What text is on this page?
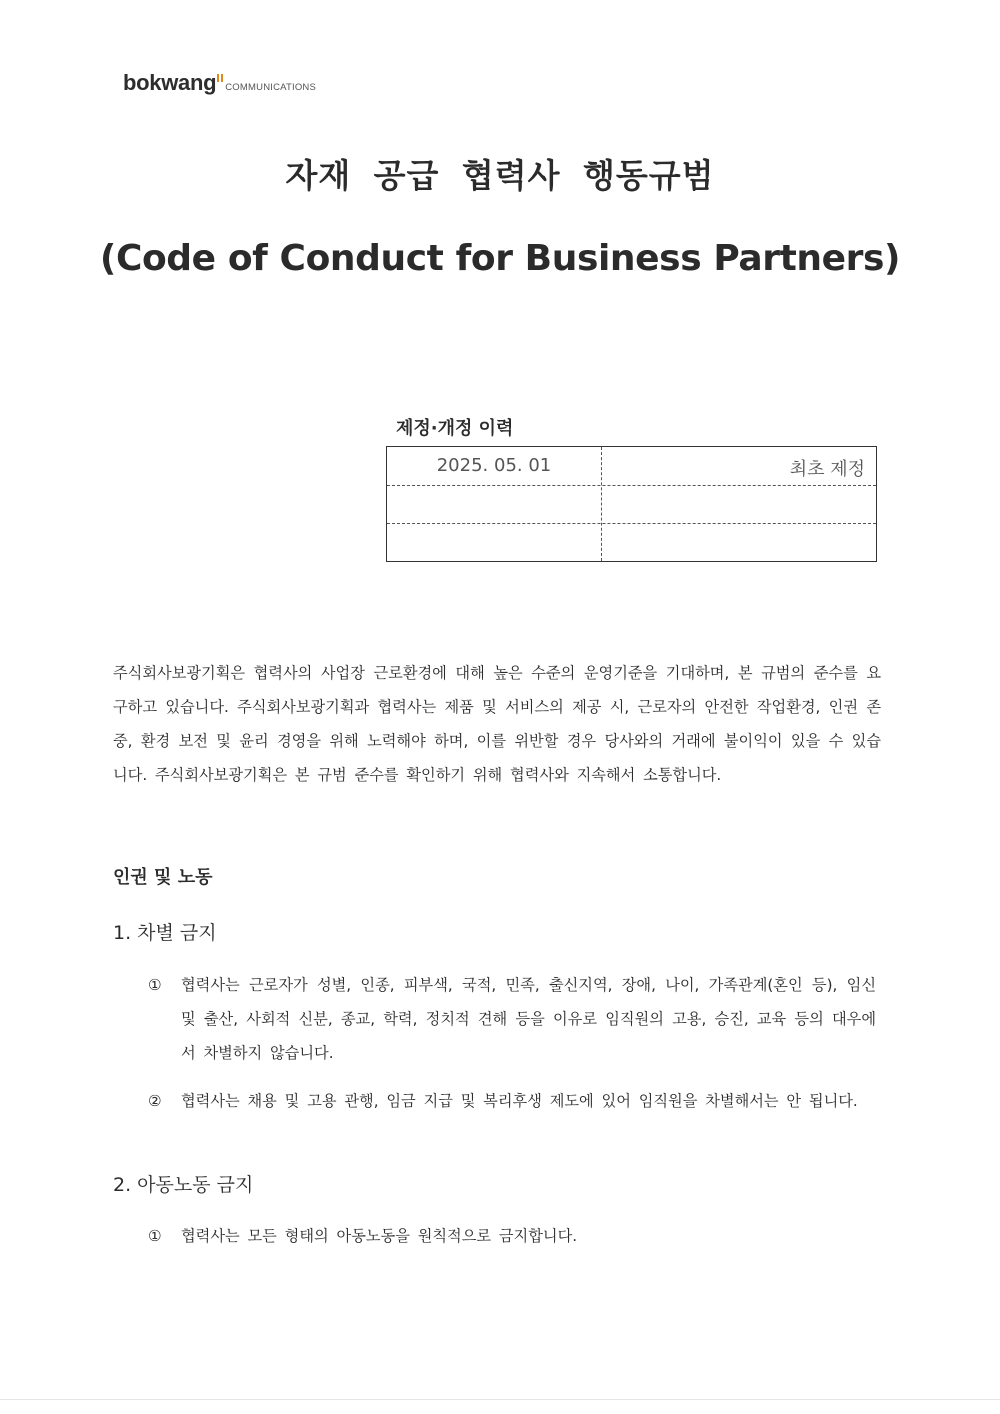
bokwang COMMUNICATIONS
자재 공급 협력사 행동규범
(Code of Conduct for Business Partners)
제정·개정 이력
2025. 05. 01	최초 제정

주식회사보광기획은 협력사의 사업장 근로환경에 대해 높은 수준의 운영기준을 기대하며, 본 규범의 준수를 요구하고 있습니다. 주식회사보광기획과 협력사는 제품 및 서비스의 제공 시, 근로자의 안전한 작업환경, 인권 존중, 환경 보전 및 윤리 경영을 위해 노력해야 하며, 이를 위반할 경우 당사와의 거래에 불이익이 있을 수 있습니다. 주식회사보광기획은 본 규범 준수를 확인하기 위해 협력사와 지속해서 소통합니다.

인권 및 노동
1. 차별 금지
① 협력사는 근로자가 성별, 인종, 피부색, 국적, 민족, 출신지역, 장애, 나이, 가족관계(혼인 등), 임신 및 출산, 사회적 신분, 종교, 학력, 정치적 견해 등을 이유로 임직원의 고용, 승진, 교육 등의 대우에서 차별하지 않습니다.
② 협력사는 채용 및 고용 관행, 임금 지급 및 복리후생 제도에 있어 임직원을 차별해서는 안 됩니다.
2. 아동노동 금지
① 협력사는 모든 형태의 아동노동을 원칙적으로 금지합니다.
